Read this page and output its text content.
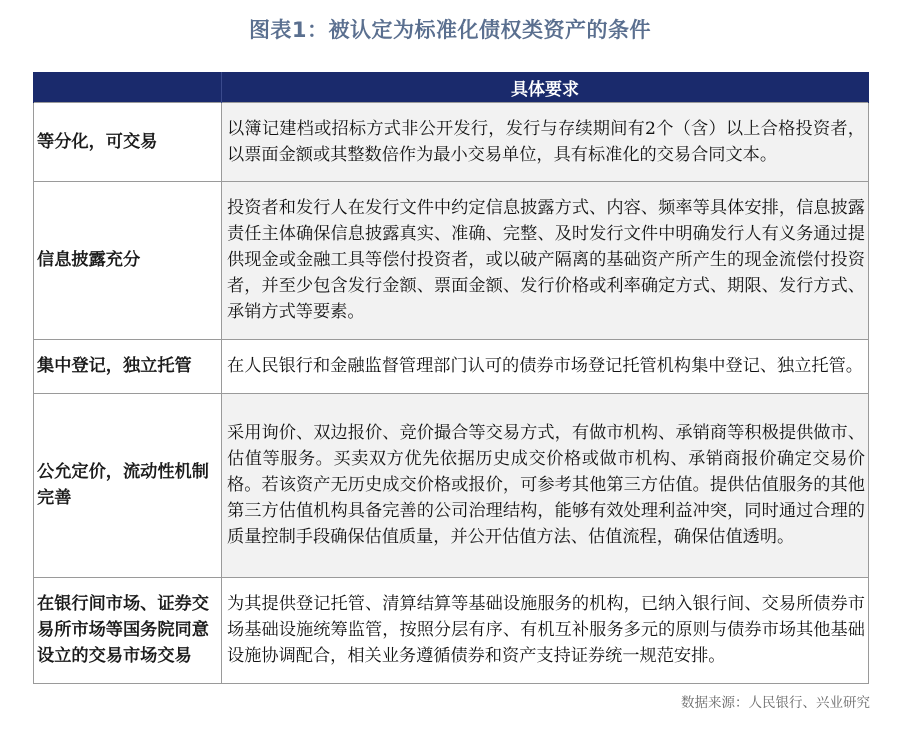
图表1：被认定为标准化债权类资产的条件
	具体要求
等分化，可交易	以簿记建档或招标方式非公开发行，发行与存续期间有2个（含）以上合格投资者，以票面金额或其整数倍作为最小交易单位，具有标准化的交易合同文本。
信息披露充分	投资者和发行人在发行文件中约定信息披露方式、内容、频率等具体安排，信息披露责任主体确保信息披露真实、准确、完整、及时发行文件中明确发行人有义务通过提供现金或金融工具等偿付投资者，或以破产隔离的基础资产所产生的现金流偿付投资者，并至少包含发行金额、票面金额、发行价格或利率确定方式、期限、发行方式、承销方式等要素。
集中登记，独立托管	在人民银行和金融监督管理部门认可的债券市场登记托管机构集中登记、独立托管。
公允定价，流动性机制完善	采用询价、双边报价、竞价撮合等交易方式，有做市机构、承销商等积极提供做市、估值等服务。买卖双方优先依据历史成交价格或做市机构、承销商报价确定交易价格。若该资产无历史成交价格或报价，可参考其他第三方估值。提供估值服务的其他第三方估值机构具备完善的公司治理结构，能够有效处理利益冲突，同时通过合理的质量控制手段确保估值质量，并公开估值方法、估值流程，确保估值透明。
在银行间市场、证券交易所市场等国务院同意设立的交易市场交易	为其提供登记托管、清算结算等基础设施服务的机构，已纳入银行间、交易所债券市场基础设施统筹监管，按照分层有序、有机互补服务多元的原则与债券市场其他基础设施协调配合，相关业务遵循债券和资产支持证券统一规范安排。
数据来源：人民银行、兴业研究
